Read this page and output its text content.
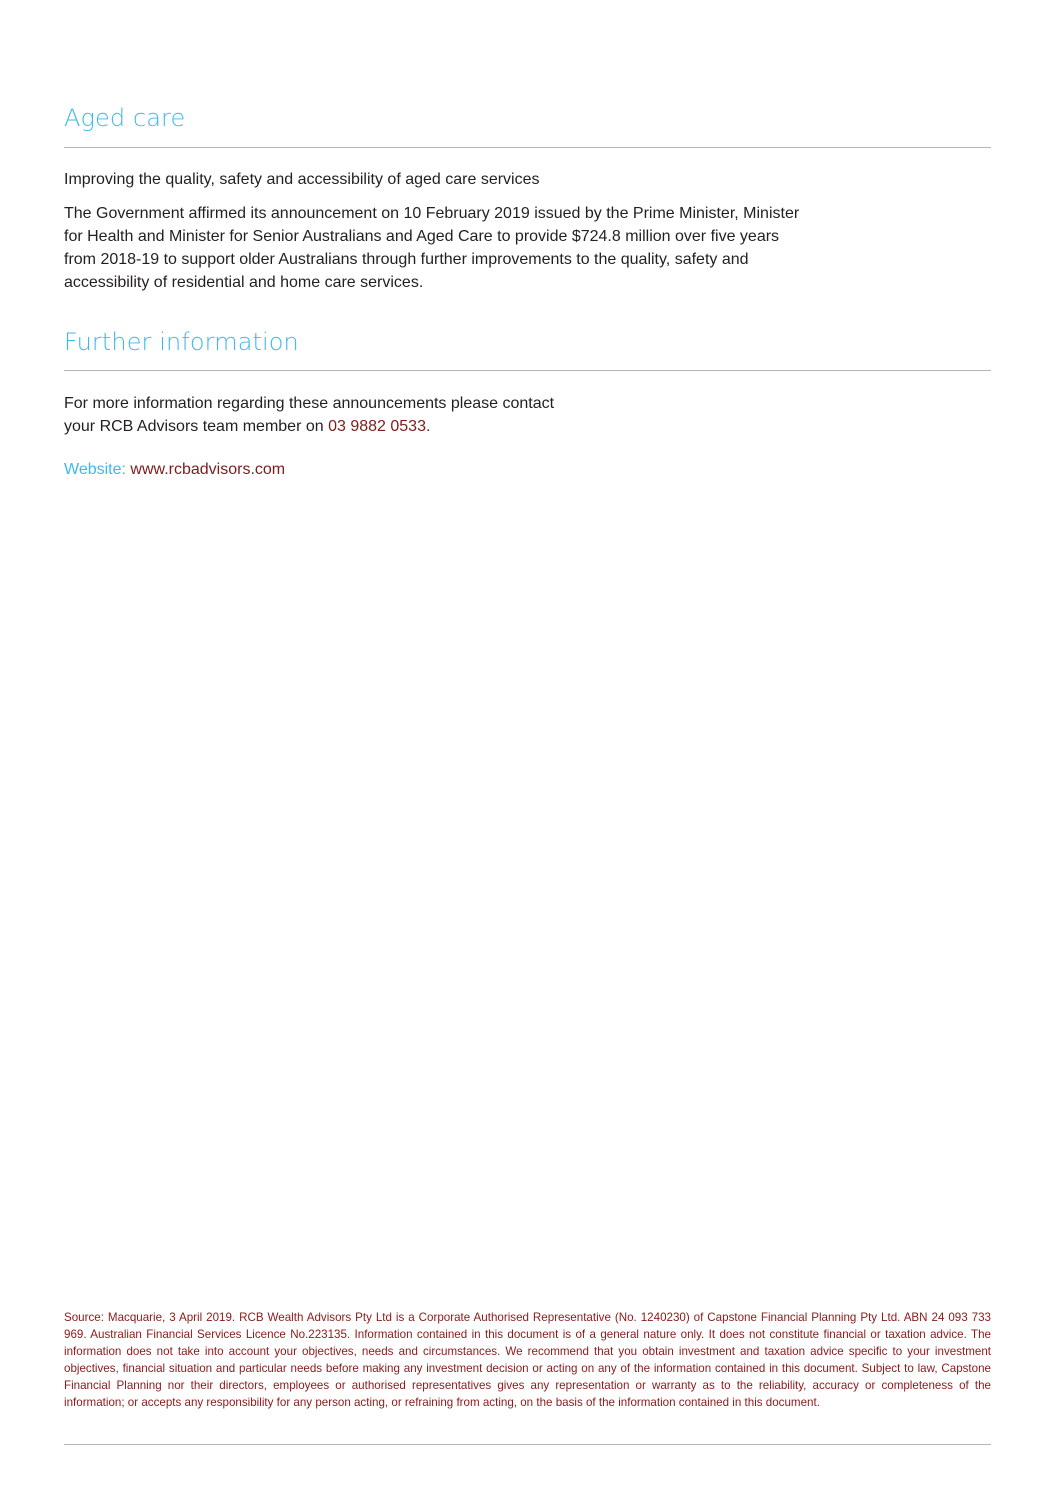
Aged care

Improving the quality, safety and accessibility of aged care services

The Government affirmed its announcement on 10 February 2019 issued by the Prime Minister, Minister
for Health and Minister for Senior Australians and Aged Care to provide $724.8 million over five years
from 2018-19 to support older Australians through further improvements to the quality, safety and
accessibility of residential and home care services.
Further information
For more information regarding these announcements please contact
your RCB Advisors team member on 03 9882 0533.
Website: www.rcbadvisors.com

Source: Macquarie, 3 April 2019. RCB Wealth Advisors Pty Ltd is a Corporate Authorised Representative (No. 1240230) of Capstone Financial Planning Pty Ltd. ABN 24 093 733 969. Australian Financial Services Licence No.223135. Information contained in this document is of a general nature only. It does not constitute financial or taxation advice. The information does not take into account your objectives, needs and circumstances. We recommend that you obtain investment and taxation advice specific to your investment objectives, financial situation and particular needs before making any investment decision or acting on any of the information contained in this document. Subject to law, Capstone Financial Planning nor their directors, employees or authorised representatives gives any representation or warranty as to the reliability, accuracy or completeness of the information; or accepts any responsibility for any person acting, or refraining from acting, on the basis of the information contained in this document.
